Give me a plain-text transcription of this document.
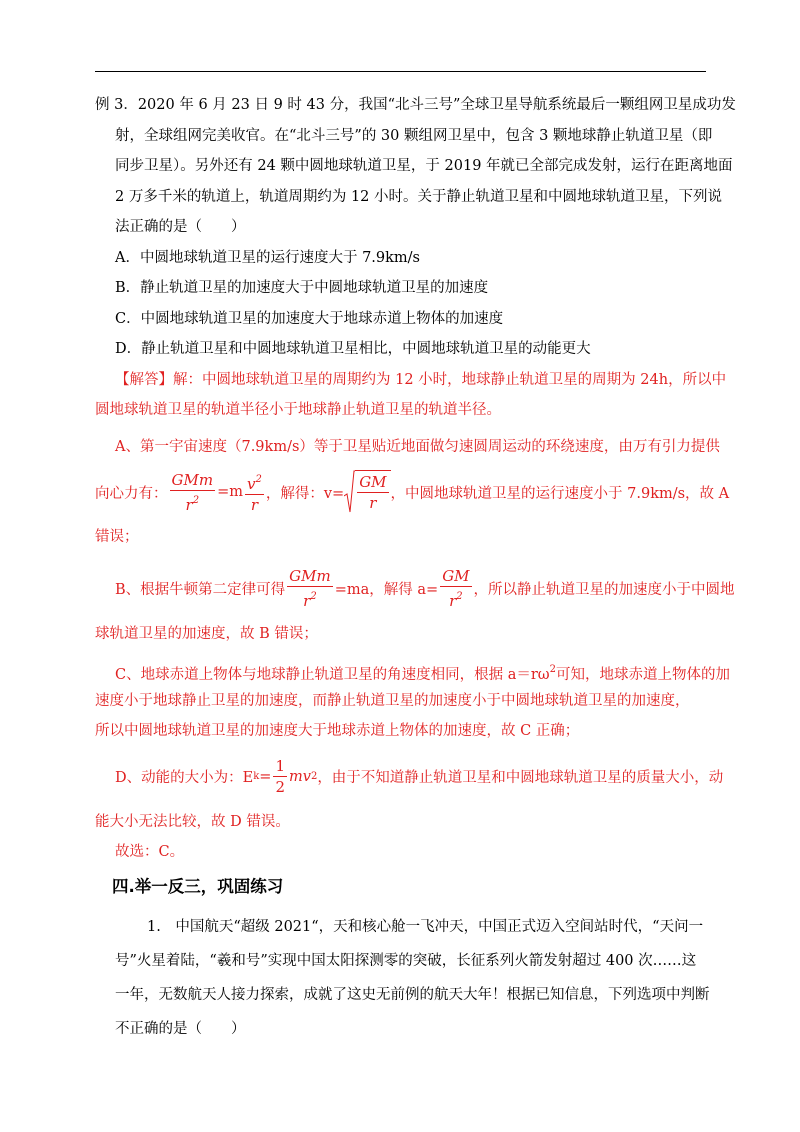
例 3．2020 年 6 月 23 日 9 时 43 分，我国“北斗三号”全球卫星导航系统最后一颗组网卫星成功发
射，全球组网完美收官。在“北斗三号”的 30 颗组网卫星中，包含 3 颗地球静止轨道卫星（即
同步卫星）。另外还有 24 颗中圆地球轨道卫星，于 2019 年就已全部完成发射，运行在距离地面
2 万多千米的轨道上，轨道周期约为 12 小时。关于静止轨道卫星和中圆地球轨道卫星，下列说
法正确的是（　　）
A．中圆地球轨道卫星的运行速度大于 7.9km/s
B．静止轨道卫星的加速度大于中圆地球轨道卫星的加速度
C．中圆地球轨道卫星的加速度大于地球赤道上物体的加速度
D．静止轨道卫星和中圆地球轨道卫星相比，中圆地球轨道卫星的动能更大
【解答】解：中圆地球轨道卫星的周期约为 12 小时，地球静止轨道卫星的周期为 24h，所以中
圆地球轨道卫星的轨道半径小于地球静止轨道卫星的轨道半径。
A、第一宇宙速度（7.9km/s）等于卫星贴近地面做匀速圆周运动的环绕速度，由万有引力提供
向心力有： $\frac{\text{GMm}}{r^2} =m \frac{v^2}{r}$ ，解得：$v= \frac{GM}{r}$ ，中圆地球轨道卫星的运行速度小于 7.9km/s，故 A
错误；
B、根据牛顿第二定律可得 $\frac{\text{GMm}}{r^2} =ma$，解得 $a= \frac{GM}{r^2}$ ，所以静止轨道卫星的加速度小于中圆地
球轨道卫星的加速度，故 B 错误；
C、地球赤道上物体与地球静止轨道卫星的角速度相同，根据 $a=r\omega^2$可知，地球赤道上物体的加
速度小于地球静止卫星的加速度，而静止轨道卫星的加速度小于中圆地球轨道卫星的加速度，
所以中圆地球轨道卫星的加速度大于地球赤道上物体的加速度，故 C 正确；
D、动能的大小为：E $k = \frac{1}{2}$ mv 2 ，由于不知道静止轨道卫星和中圆地球轨道卫星的质量大小，动
能大小无法比较，故 D 错误。
故选：C。
四.举一反三，巩固练习
1.　中国航天“超级 2021“，天和核心舱一飞冲天，中国正式迈入空间站时代，“天问一
号”火星着陆，“羲和号”实现中国太阳探测零的突破，长征系列火箭发射超过 400 次……这
一年，无数航天人接力探索，成就了这史无前例的航天大年！根据已知信息，下列选项中判断
不正确的是（　　）
